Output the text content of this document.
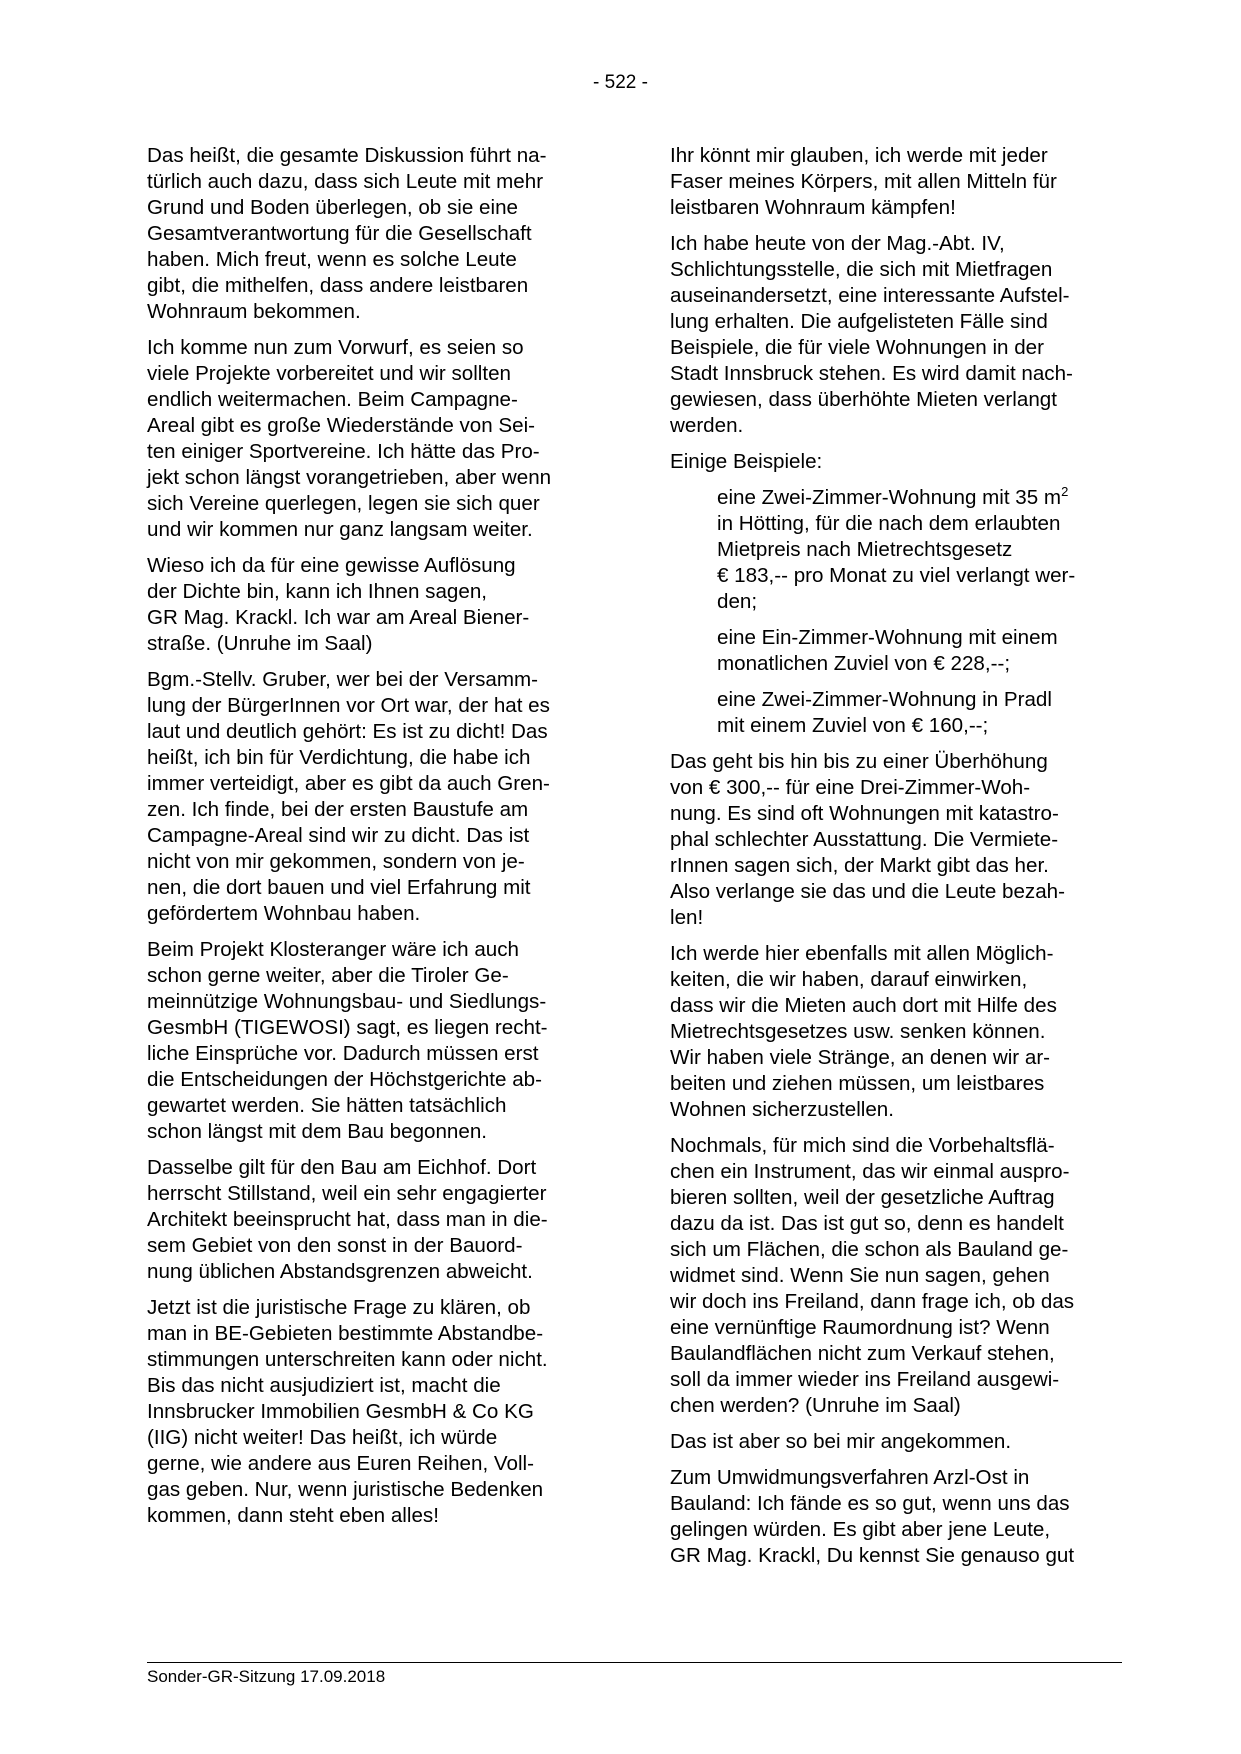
- 522 -

Das heißt, die gesamte Diskussion führt na-
türlich auch dazu, dass sich Leute mit mehr
Grund und Boden überlegen, ob sie eine
Gesamtverantwortung für die Gesellschaft
haben. Mich freut, wenn es solche Leute
gibt, die mithelfen, dass andere leistbaren
Wohnraum bekommen.

Ich komme nun zum Vorwurf, es seien so
viele Projekte vorbereitet und wir sollten
endlich weitermachen. Beim Campagne-
Areal gibt es große Wiederstände von Sei-
ten einiger Sportvereine. Ich hätte das Pro-
jekt schon längst vorangetrieben, aber wenn
sich Vereine querlegen, legen sie sich quer
und wir kommen nur ganz langsam weiter.

Wieso ich da für eine gewisse Auflösung
der Dichte bin, kann ich Ihnen sagen,
GR Mag. Krackl. Ich war am Areal Biener-
straße. (Unruhe im Saal)

Bgm.-Stellv. Gruber, wer bei der Versamm-
lung der BürgerInnen vor Ort war, der hat es
laut und deutlich gehört: Es ist zu dicht! Das
heißt, ich bin für Verdichtung, die habe ich
immer verteidigt, aber es gibt da auch Gren-
zen. Ich finde, bei der ersten Baustufe am
Campagne-Areal sind wir zu dicht. Das ist
nicht von mir gekommen, sondern von je-
nen, die dort bauen und viel Erfahrung mit
gefördertem Wohnbau haben.

Beim Projekt Klosteranger wäre ich auch
schon gerne weiter, aber die Tiroler Ge-
meinnützige Wohnungsbau- und Siedlungs-
GesmbH (TIGEWOSI) sagt, es liegen recht-
liche Einsprüche vor. Dadurch müssen erst
die Entscheidungen der Höchstgerichte ab-
gewartet werden. Sie hätten tatsächlich
schon längst mit dem Bau begonnen.

Dasselbe gilt für den Bau am Eichhof. Dort
herrscht Stillstand, weil ein sehr engagierter
Architekt beeinsprucht hat, dass man in die-
sem Gebiet von den sonst in der Bauord-
nung üblichen Abstandsgrenzen abweicht.

Jetzt ist die juristische Frage zu klären, ob
man in BE-Gebieten bestimmte Abstandbe-
stimmungen unterschreiten kann oder nicht.
Bis das nicht ausjudiziert ist, macht die
Innsbrucker Immobilien GesmbH & Co KG
(IIG) nicht weiter! Das heißt, ich würde
gerne, wie andere aus Euren Reihen, Voll-
gas geben. Nur, wenn juristische Bedenken
kommen, dann steht eben alles!

Ihr könnt mir glauben, ich werde mit jeder
Faser meines Körpers, mit allen Mitteln für
leistbaren Wohnraum kämpfen!

Ich habe heute von der Mag.-Abt. IV,
Schlichtungsstelle, die sich mit Mietfragen
auseinandersetzt, eine interessante Aufstel-
lung erhalten. Die aufgelisteten Fälle sind
Beispiele, die für viele Wohnungen in der
Stadt Innsbruck stehen. Es wird damit nach-
gewiesen, dass überhöhte Mieten verlangt
werden.

Einige Beispiele:

eine Zwei-Zimmer-Wohnung mit 35 $m^2$
in Hötting, für die nach dem erlaubten
Mietpreis nach Mietrechtsgesetz
€ 183,-- pro Monat zu viel verlangt wer-
den;

eine Ein-Zimmer-Wohnung mit einem
monatlichen Zuviel von € 228,--;

eine Zwei-Zimmer-Wohnung in Pradl
mit einem Zuviel von € 160,--;

Das geht bis hin bis zu einer Überhöhung
von € 300,-- für eine Drei-Zimmer-Woh-
nung. Es sind oft Wohnungen mit katastro-
phal schlechter Ausstattung. Die Vermiete-
rInnen sagen sich, der Markt gibt das her.
Also verlange sie das und die Leute bezah-
len!

Ich werde hier ebenfalls mit allen Möglich-
keiten, die wir haben, darauf einwirken,
dass wir die Mieten auch dort mit Hilfe des
Mietrechtsgesetzes usw. senken können.
Wir haben viele Stränge, an denen wir ar-
beiten und ziehen müssen, um leistbares
Wohnen sicherzustellen.

Nochmals, für mich sind die Vorbehaltsflä-
chen ein Instrument, das wir einmal auspro-
bieren sollten, weil der gesetzliche Auftrag
dazu da ist. Das ist gut so, denn es handelt
sich um Flächen, die schon als Bauland ge-
widmet sind. Wenn Sie nun sagen, gehen
wir doch ins Freiland, dann frage ich, ob das
eine vernünftige Raumordnung ist? Wenn
Baulandflächen nicht zum Verkauf stehen,
soll da immer wieder ins Freiland ausgewi-
chen werden? (Unruhe im Saal)

Das ist aber so bei mir angekommen.

Zum Umwidmungsverfahren Arzl-Ost in
Bauland: Ich fände es so gut, wenn uns das
gelingen würden. Es gibt aber jene Leute,
GR Mag. Krackl, Du kennst Sie genauso gut

Sonder-GR-Sitzung 17.09.2018
